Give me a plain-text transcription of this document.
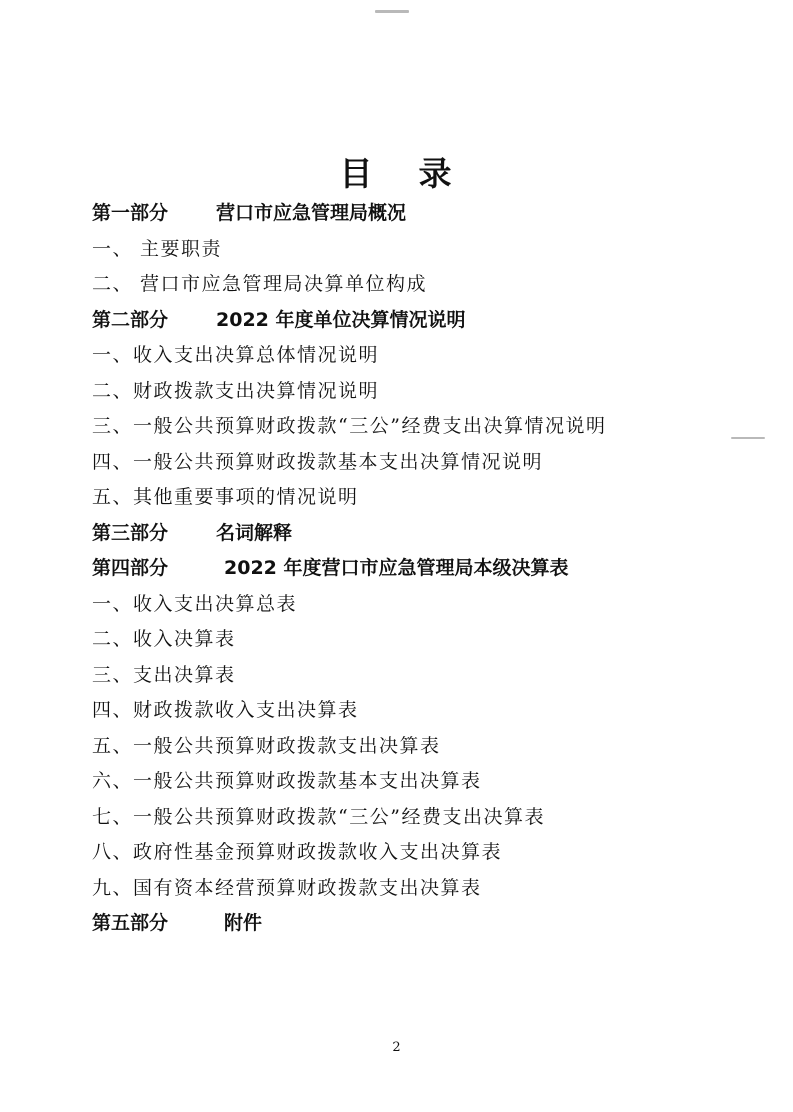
目 录
第一部分	营口市应急管理局概况
一、 主要职责
二、 营口市应急管理局决算单位构成
第二部分	2022 年度单位决算情况说明
一、收入支出决算总体情况说明
二、财政拨款支出决算情况说明
三、一般公共预算财政拨款“三公”经费支出决算情况说明
四、一般公共预算财政拨款基本支出决算情况说明
五、其他重要事项的情况说明
第三部分	名词解释
第四部分	2022 年度营口市应急管理局本级决算表
一、收入支出决算总表
二、收入决算表
三、支出决算表
四、财政拨款收入支出决算表
五、一般公共预算财政拨款支出决算表
六、一般公共预算财政拨款基本支出决算表
七、一般公共预算财政拨款“三公”经费支出决算表
八、政府性基金预算财政拨款收入支出决算表
九、国有资本经营预算财政拨款支出决算表
第五部分	附件
2
